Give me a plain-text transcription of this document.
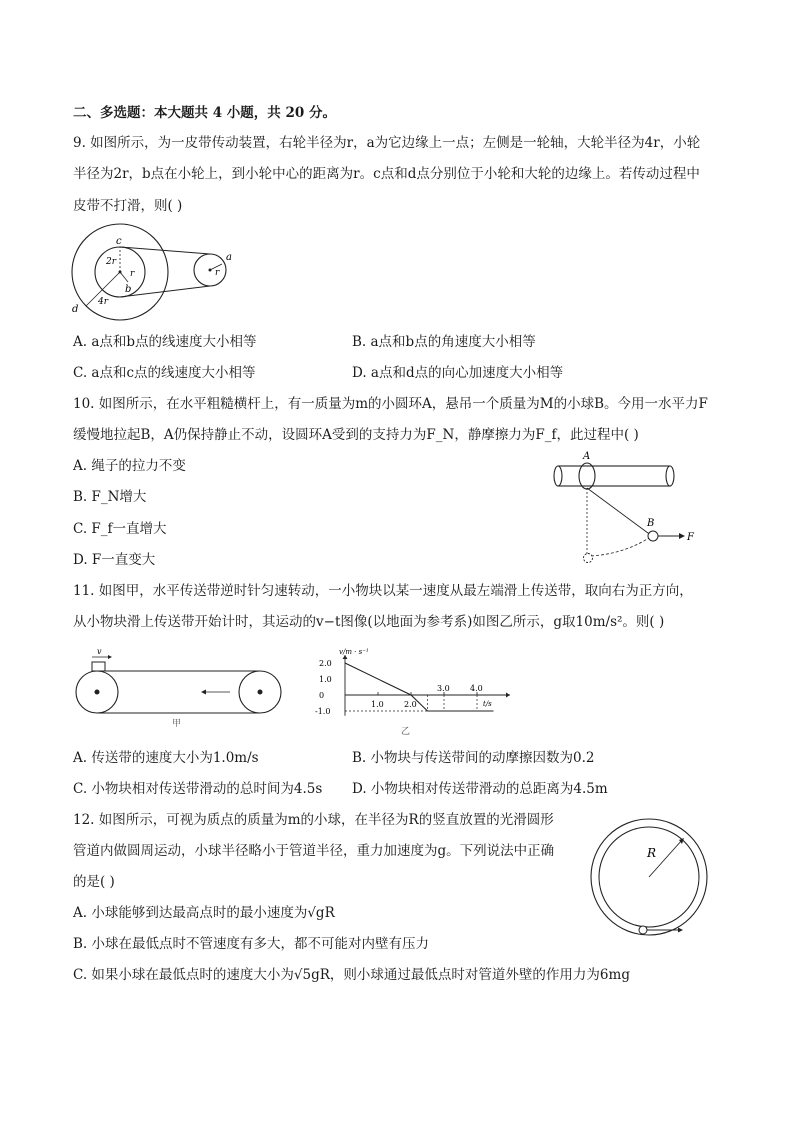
二、多选题：本大题共 4 小题，共 20 分。
9. 如图所示，为一皮带传动装置，右轮半径为r，a为它边缘上一点；左侧是一轮轴，大轮半径为4r，小轮
半径为2r，b点在小轮上，到小轮中心的距离为r。c点和d点分别位于小轮和大轮的边缘上。若传动过程中
皮带不打滑，则( )
c
2r
r
b
d
4r
a
r
A. a点和b点的线速度大小相等	B. a点和b点的角速度大小相等
C. a点和c点的线速度大小相等	D. a点和d点的向心加速度大小相等
10. 如图所示，在水平粗糙横杆上，有一质量为m的小圆环A，悬吊一个质量为M的小球B。今用一水平力F
缓慢地拉起B，A仍保持静止不动，设圆环A受到的支持力为F_N，静摩擦力为F_f，此过程中( )
A. 绳子的拉力不变
B. F_N增大
C. F_f一直增大
D. F一直变大
A
B
F
11. 如图甲，水平传送带逆时针匀速转动，一小物块以某一速度从最左端滑上传送带，取向右为正方向，
从小物块滑上传送带开始计时，其运动的v−t图像(以地面为参考系)如图乙所示，g取10m/s²。则( )
v
甲
1.0	2.0
3.0	4.0
2.0
1.0
0
-1.0
v/m · s⁻¹
t/s
乙
A. 传送带的速度大小为1.0m/s	B. 小物块与传送带间的动摩擦因数为0.2
C. 小物块相对传送带滑动的总时间为4.5s D. 小物块相对传送带滑动的总距离为4.5m
12. 如图所示，可视为质点的质量为m的小球，在半径为R的竖直放置的光滑圆形
管道内做圆周运动，小球半径略小于管道半径，重力加速度为g。下列说法中正确
的是( )
A. 小球能够到达最高点时的最小速度为√gR
B. 小球在最低点时不管速度有多大，都不可能对内壁有压力
C. 如果小球在最低点时的速度大小为√5gR，则小球通过最低点时对管道外壁的作用力为6mg
R
